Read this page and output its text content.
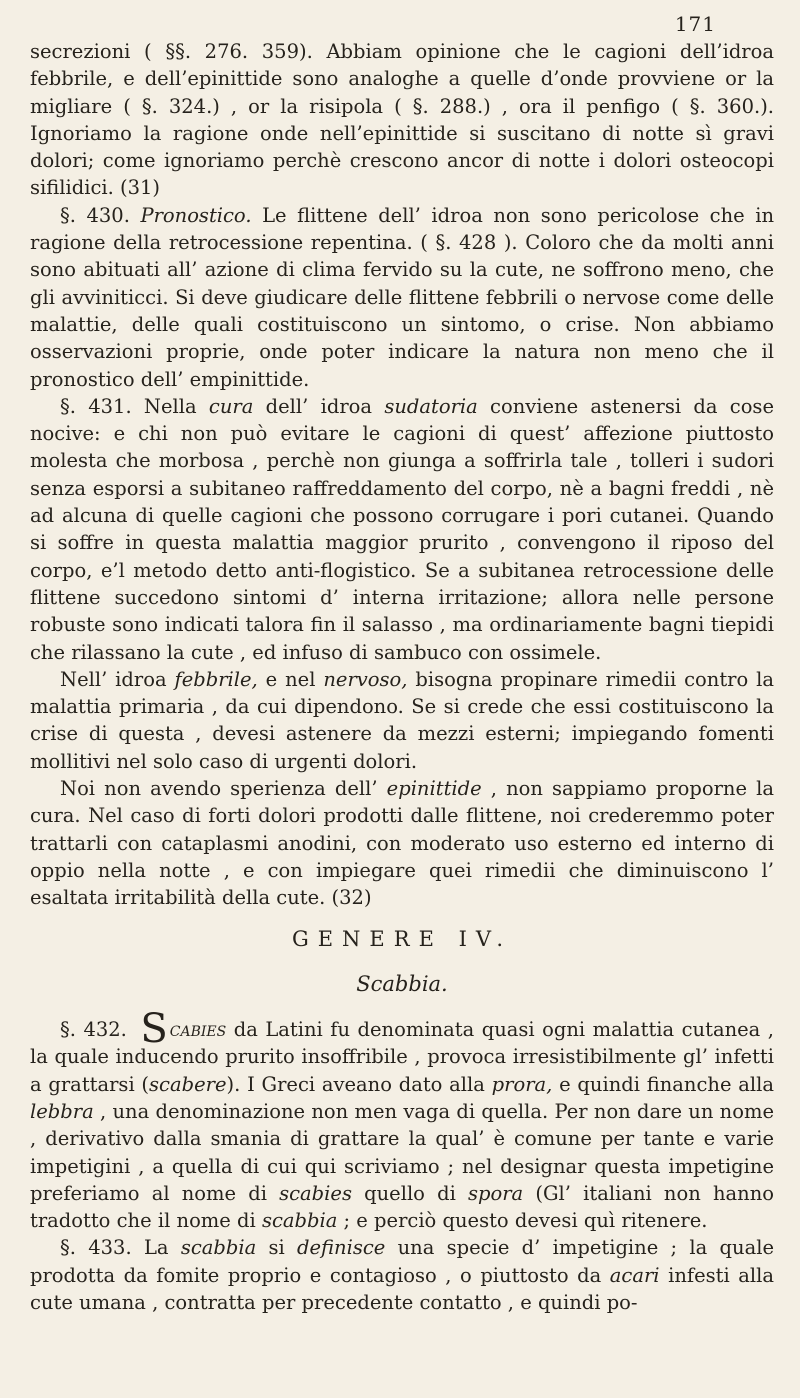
171

secrezioni ( §§. 276. 359). Abbiam opinione che le cagioni dell’idroa febbrile, e dell’epinittide sono analoghe a quelle d’onde provviene or la migliare ( §. 324.) , or la risipola ( §. 288.) , ora il penfigo ( §. 360.). Ignoriamo la ragione onde nell’epinittide si suscitano di notte sì gravi dolori; come ignoriamo perchè crescono ancor di notte i dolori osteocopi sifilidici. (31)

§. 430. Pronostico. Le flittene dell’ idroa non sono pericolose che in ragione della retrocessione repentina. ( §. 428 ). Coloro che da molti anni sono abituati all’ azione di clima fervido su la cute, ne soffrono meno, che gli avviniticci. Si deve giudicare delle flittene febbrili o nervose come delle malattie, delle quali costituiscono un sintomo, o crise. Non abbiamo osservazioni proprie, onde poter indicare la natura non meno che il pronostico dell’ empinittide.

§. 431. Nella cura dell’ idroa sudatoria conviene astenersi da cose nocive: e chi non può evitare le cagioni di quest’ affezione piuttosto molesta che morbosa , perchè non giunga a soffrirla tale , tolleri i sudori senza esporsi a subitaneo raffreddamento del corpo, nè a bagni freddi , nè ad alcuna di quelle cagioni che possono corrugare i pori cutanei. Quando si soffre in questa malattia maggior prurito , convengono il riposo del corpo, e’l metodo detto anti-flogistico. Se a subitanea retrocessione delle flittene succedono sintomi d’ interna irritazione; allora nelle persone robuste sono indicati talora fin il salasso , ma ordinariamente bagni tiepidi che rilassano la cute , ed infuso di sambuco con ossimele.

Nell’ idroa febbrile, e nel nervoso, bisogna propinare rimedii contro la malattia primaria , da cui dipendono. Se si crede che essi costituiscono la crise di questa , devesi astenere da mezzi esterni; impiegando fomenti mollitivi nel solo caso di urgenti dolori.

Noi non avendo sperienza dell’ epinittide , non sappiamo proporne la cura. Nel caso di forti dolori prodotti dalle flittene, noi crederemmo poter trattarli con cataplasmi anodini, con moderato uso esterno ed interno di oppio nella notte , e con impiegare quei rimedii che diminuiscono l’ esaltata irritabilità della cute. (32)

GENERE IV.
Scabbia.

§. 432. S cabies da Latini fu denominata quasi ogni malattia cutanea , la quale inducendo prurito insoffribile , provoca irresistibilmente gl’ infetti a grattarsi (scabere). I Greci aveano dato alla prora, e quindi finanche alla lebbra , una denominazione non men vaga di quella. Per non dare un nome , derivativo dalla smania di grattare la qual’ è comune per tante e varie impetigini , a quella di cui qui scriviamo ; nel designar questa impetigine preferiamo al nome di scabies quello di spora (Gl’ italiani non hanno tradotto che il nome di scabbia ; e perciò questo devesi quì ritenere.

§. 433. La scabbia si definisce una specie d’ impetigine ; la quale prodotta da fomite proprio e contagioso , o piuttosto da acari infesti alla cute umana , contratta per precedente contatto , e quindi po-
